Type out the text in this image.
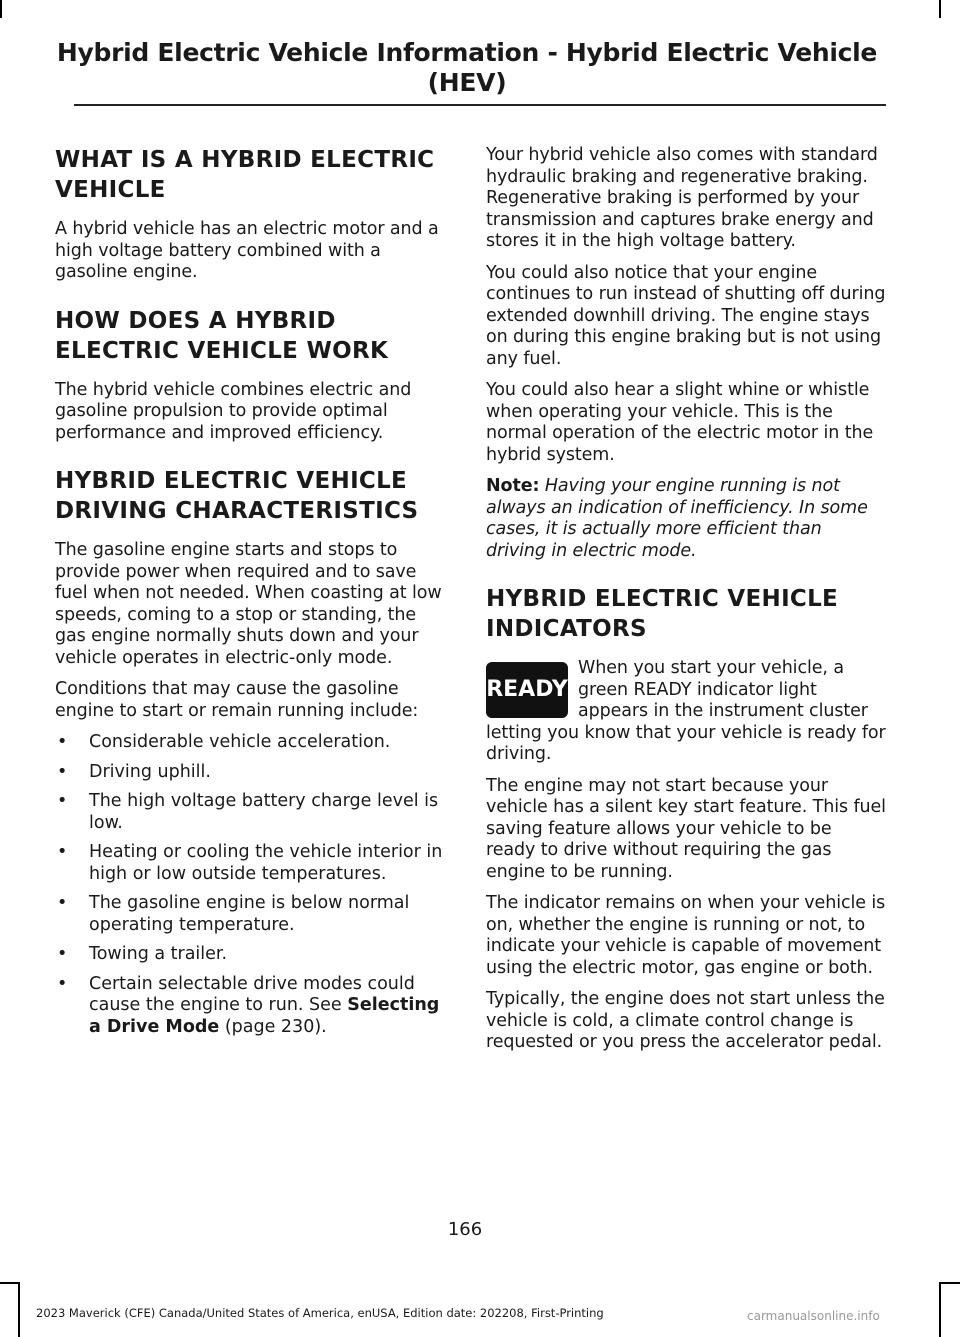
Hybrid Electric Vehicle Information - Hybrid Electric Vehicle
(HEV)
WHAT IS A HYBRID ELECTRIC
VEHICLE

A hybrid vehicle has an electric motor and a high voltage battery combined with a gasoline engine.

HOW DOES A HYBRID
ELECTRIC VEHICLE WORK

The hybrid vehicle combines electric and gasoline propulsion to provide optimal performance and improved efficiency.

HYBRID ELECTRIC VEHICLE
DRIVING CHARACTERISTICS

The gasoline engine starts and stops to provide power when required and to save fuel when not needed. When coasting at low speeds, coming to a stop or standing, the gas engine normally shuts down and your vehicle operates in electric-only mode.

Conditions that may cause the gasoline engine to start or remain running include:

• Considerable vehicle acceleration.
• Driving uphill.
• The high voltage battery charge level is low.
• Heating or cooling the vehicle interior in high or low outside temperatures.
• The gasoline engine is below normal operating temperature.
• Towing a trailer.
• Certain selectable drive modes could cause the engine to run. See Selecting a Drive Mode (page 230).

Your hybrid vehicle also comes with standard hydraulic braking and regenerative braking. Regenerative braking is performed by your transmission and captures brake energy and stores it in the high voltage battery.

You could also notice that your engine continues to run instead of shutting off during extended downhill driving. The engine stays on during this engine braking but is not using any fuel.

You could also hear a slight whine or whistle when operating your vehicle. This is the normal operation of the electric motor in the hybrid system.

Note: Having your engine running is not always an indication of inefficiency. In some cases, it is actually more efficient than driving in electric mode.

HYBRID ELECTRIC VEHICLE
INDICATORS
READY

When you start your vehicle, a green READY indicator light appears in the instrument cluster letting you know that your vehicle is ready for driving.

The engine may not start because your vehicle has a silent key start feature. This fuel saving feature allows your vehicle to be ready to drive without requiring the gas engine to be running.

The indicator remains on when your vehicle is on, whether the engine is running or not, to indicate your vehicle is capable of movement using the electric motor, gas engine or both.

Typically, the engine does not start unless the vehicle is cold, a climate control change is requested or you press the accelerator pedal.

166
2023 Maverick (CFE) Canada/United States of America, enUSA, Edition date: 202208, First-Printing	carmanualsonline.info
